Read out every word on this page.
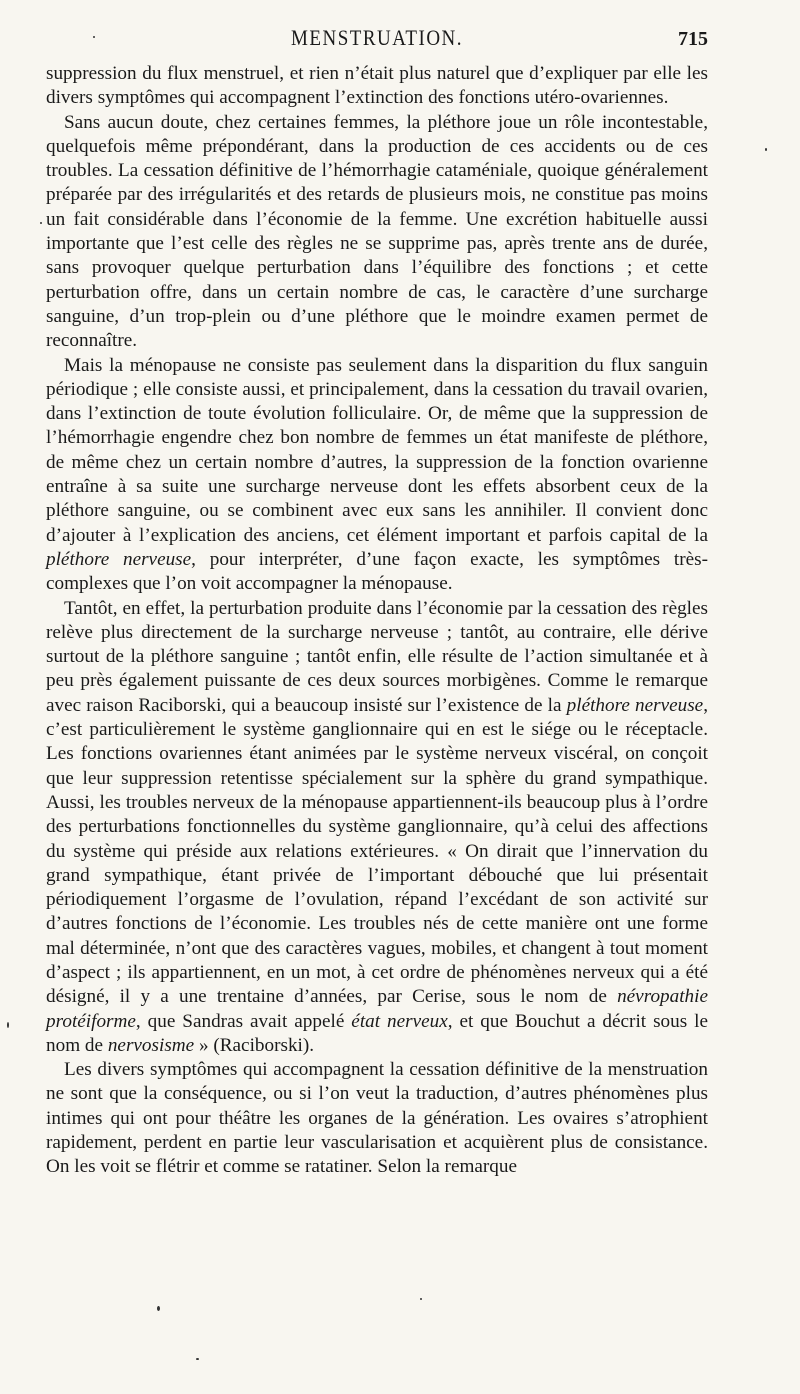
MENSTRUATION.	715

suppression du flux menstruel, et rien n’était plus naturel que d’expliquer par elle les divers symptômes qui accompagnent l’extinction des fonctions utéro-ovariennes.

Sans aucun doute, chez certaines femmes, la pléthore joue un rôle incontestable, quelquefois même prépondérant, dans la production de ces accidents ou de ces troubles. La cessation définitive de l’hémorrhagie cataméniale, quoique généralement préparée par des irrégularités et des retards de plusieurs mois, ne constitue pas moins un fait considérable dans l’économie de la femme. Une excrétion habituelle aussi importante que l’est celle des règles ne se supprime pas, après trente ans de durée, sans provoquer quelque perturbation dans l’équilibre des fonctions ; et cette perturbation offre, dans un certain nombre de cas, le caractère d’une surcharge sanguine, d’un trop-plein ou d’une pléthore que le moindre examen permet de reconnaître.

Mais la ménopause ne consiste pas seulement dans la disparition du flux sanguin périodique ; elle consiste aussi, et principalement, dans la cessation du travail ovarien, dans l’extinction de toute évolution folliculaire. Or, de même que la suppression de l’hémorrhagie engendre chez bon nombre de femmes un état manifeste de pléthore, de même chez un certain nombre d’autres, la suppression de la fonction ovarienne entraîne à sa suite une surcharge nerveuse dont les effets absorbent ceux de la pléthore sanguine, ou se combinent avec eux sans les annihiler. Il convient donc d’ajouter à l’explication des anciens, cet élément important et parfois capital de la pléthore nerveuse, pour interpréter, d’une façon exacte, les symptômes très-complexes que l’on voit accompagner la ménopause.

Tantôt, en effet, la perturbation produite dans l’économie par la cessation des règles relève plus directement de la surcharge nerveuse ; tantôt, au contraire, elle dérive surtout de la pléthore sanguine ; tantôt enfin, elle résulte de l’action simultanée et à peu près également puissante de ces deux sources morbigènes. Comme le remarque avec raison Raciborski, qui a beaucoup insisté sur l’existence de la pléthore nerveuse, c’est particulièrement le système ganglionnaire qui en est le siége ou le réceptacle. Les fonctions ovariennes étant animées par le système nerveux viscéral, on conçoit que leur suppression retentisse spécialement sur la sphère du grand sympathique. Aussi, les troubles nerveux de la ménopause appartiennent-ils beaucoup plus à l’ordre des perturbations fonctionnelles du système ganglionnaire, qu’à celui des affections du système qui préside aux relations extérieures. « On dirait que l’innervation du grand sympathique, étant privée de l’important débouché que lui présentait périodiquement l’orgasme de l’ovulation, répand l’excédant de son activité sur d’autres fonctions de l’économie. Les troubles nés de cette manière ont une forme mal déterminée, n’ont que des caractères vagues, mobiles, et changent à tout moment d’aspect ; ils appartiennent, en un mot, à cet ordre de phénomènes nerveux qui a été désigné, il y a une trentaine d’années, par Cerise, sous le nom de névropathie protéiforme, que Sandras avait appelé état nerveux, et que Bouchut a décrit sous le nom de nervosisme » (Raciborski).

Les divers symptômes qui accompagnent la cessation définitive de la menstruation ne sont que la conséquence, ou si l’on veut la traduction, d’autres phénomènes plus intimes qui ont pour théâtre les organes de la génération. Les ovaires s’atrophient rapidement, perdent en partie leur vascularisation et acquièrent plus de consistance. On les voit se flétrir et comme se ratatiner. Selon la remarque
